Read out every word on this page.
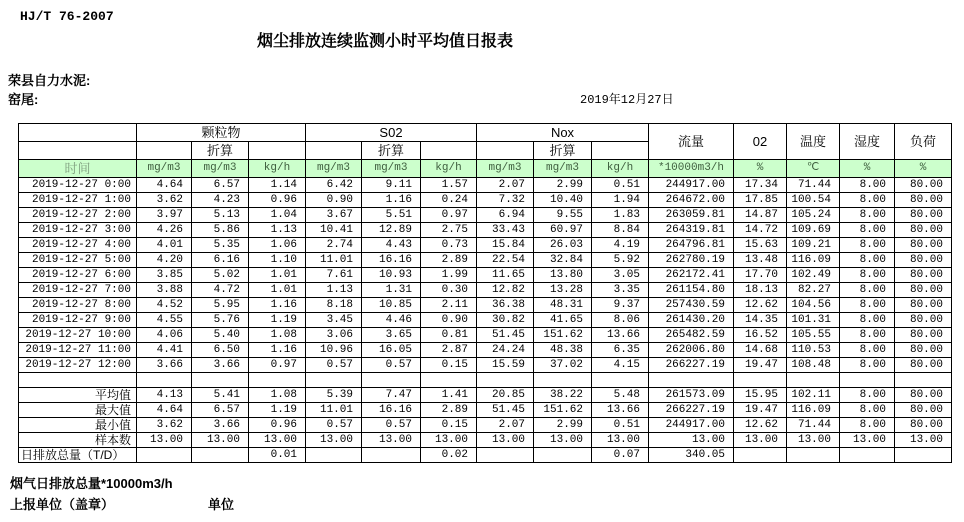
HJ/T 76-2007
烟尘排放连续监测小时平均值日报表
荣县自力水泥:
窑尾:	2019年12月27日
	颗粒物			S02			Nox			流量	02	温度	湿度	负荷
		折算			折算			折算						
时间	mg/m3	mg/m3	kg/h	mg/m3	mg/m3	kg/h	mg/m3	mg/m3	kg/h	*10000m3/h	%	℃	%	%
2019-12-27 0:00	4.64	6.57	1.14	6.42	9.11	1.57	2.07	2.99	0.51	244917.00	17.34	71.44	8.00	80.00
2019-12-27 1:00	3.62	4.23	0.96	0.90	1.16	0.24	7.32	10.40	1.94	264672.00	17.85	100.54	8.00	80.00
2019-12-27 2:00	3.97	5.13	1.04	3.67	5.51	0.97	6.94	9.55	1.83	263059.81	14.87	105.24	8.00	80.00
2019-12-27 3:00	4.26	5.86	1.13	10.41	12.89	2.75	33.43	60.97	8.84	264319.81	14.72	109.69	8.00	80.00
2019-12-27 4:00	4.01	5.35	1.06	2.74	4.43	0.73	15.84	26.03	4.19	264796.81	15.63	109.21	8.00	80.00
2019-12-27 5:00	4.20	6.16	1.10	11.01	16.16	2.89	22.54	32.84	5.92	262780.19	13.48	116.09	8.00	80.00
2019-12-27 6:00	3.85	5.02	1.01	7.61	10.93	1.99	11.65	13.80	3.05	262172.41	17.70	102.49	8.00	80.00
2019-12-27 7:00	3.88	4.72	1.01	1.13	1.31	0.30	12.82	13.28	3.35	261154.80	18.13	82.27	8.00	80.00
2019-12-27 8:00	4.52	5.95	1.16	8.18	10.85	2.11	36.38	48.31	9.37	257430.59	12.62	104.56	8.00	80.00
2019-12-27 9:00	4.55	5.76	1.19	3.45	4.46	0.90	30.82	41.65	8.06	261430.20	14.35	101.31	8.00	80.00
2019-12-27 10:00	4.06	5.40	1.08	3.06	3.65	0.81	51.45	151.62	13.66	265482.59	16.52	105.55	8.00	80.00
2019-12-27 11:00	4.41	6.50	1.16	10.96	16.05	2.87	24.24	48.38	6.35	262006.80	14.68	110.53	8.00	80.00
2019-12-27 12:00	3.66	3.66	0.97	0.57	0.57	0.15	15.59	37.02	4.15	266227.19	19.47	108.48	8.00	80.00

平均值	4.13	5.41	1.08	5.39	7.47	1.41	20.85	38.22	5.48	261573.09	15.95	102.11	8.00	80.00
最大值	4.64	6.57	1.19	11.01	16.16	2.89	51.45	151.62	13.66	266227.19	19.47	116.09	8.00	80.00
最小值	3.62	3.66	0.96	0.57	0.57	0.15	2.07	2.99	0.51	244917.00	12.62	71.44	8.00	80.00
样本数	13.00	13.00	13.00	13.00	13.00	13.00	13.00	13.00	13.00	13.00	13.00	13.00	13.00	13.00
日排放总量（T/D）			0.01			0.02			0.07	340.05				
烟气日排放总量*10000m3/h
上报单位（盖章）	单位
